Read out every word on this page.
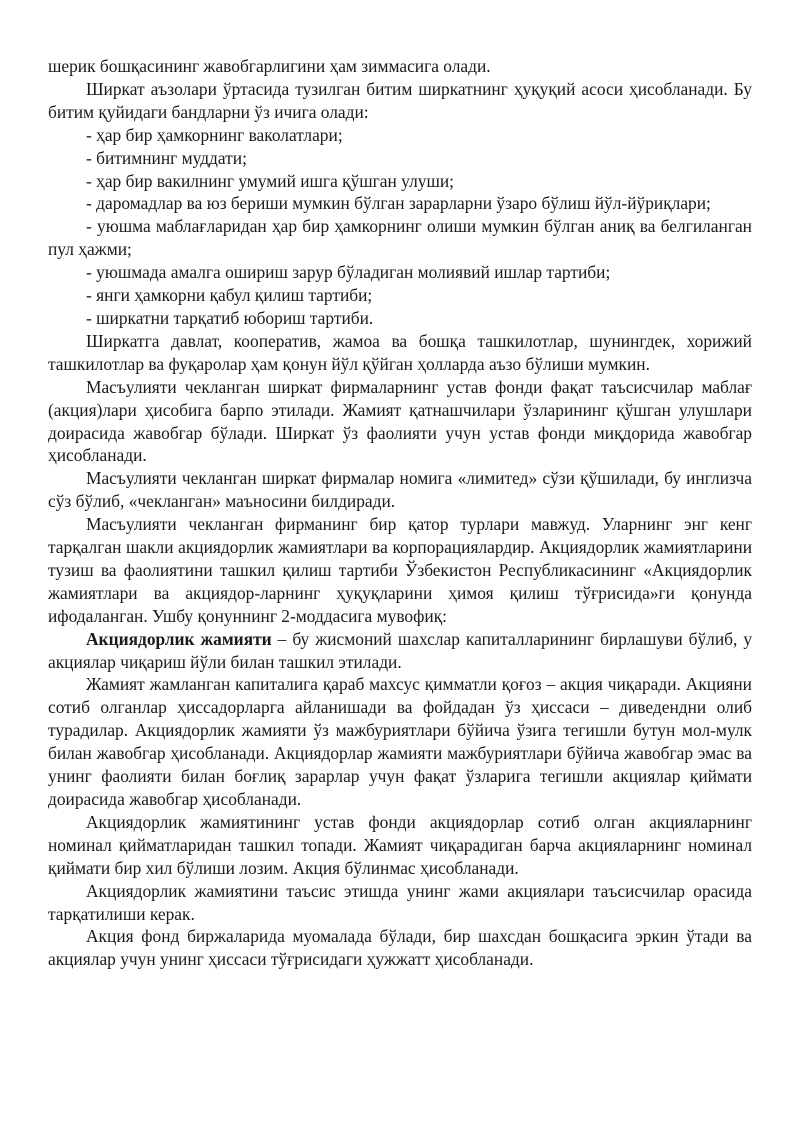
шерик бошқасининг жавобгарлигини ҳам зиммасига олади.

Ширкат аъзолари ўртасида тузилган битим ширкатнинг ҳуқуқий асоси ҳисобланади. Бу битим қуйидаги бандларни ўз ичига олади:

- ҳар бир ҳамкорнинг ваколатлари;

- битимнинг муддати;

- ҳар бир вакилнинг умумий ишга қўшган улуши;

- даромадлар ва юз бериши мумкин бўлган зарарларни ўзаро бўлиш йўл-йўриқлари;

- уюшма маблағларидан ҳар бир ҳамкорнинг олиши мумкин бўлган аниқ ва белгиланган пул ҳажми;

- уюшмада амалга ошириш зарур бўладиган молиявий ишлар тартиби;

- янги ҳамкорни қабул қилиш тартиби;

- ширкатни тарқатиб юбориш тартиби.

Ширкатга давлат, кооператив, жамоа ва бошқа ташкилотлар, шунингдек, хорижий ташкилотлар ва фуқаролар ҳам қонун йўл қўйган ҳолларда аъзо бўлиши мумкин.

Масъулияти чекланган ширкат фирмаларнинг устав фонди фақат таъсисчилар маблағ (акция)лари ҳисобига барпо этилади. Жамият қатнашчилари ўзларининг қўшган улушлари доирасида жавобгар бўлади. Ширкат ўз фаолияти учун устав фонди миқдорида жавобгар ҳисобланади.

Масъулияти чекланган ширкат фирмалар номига «лимитед» сўзи қўшилади, бу инглизча сўз бўлиб, «чекланган» маъносини билдиради.

Масъулияти чекланган фирманинг бир қатор турлари мавжуд. Уларнинг энг кенг тарқалган шакли акциядорлик жамиятлари ва корпорациялардир. Акциядорлик жамиятларини тузиш ва фаолиятини ташкил қилиш тартиби Ўзбекистон Республикасининг «Акциядорлик жамиятлари ва акциядор-ларнинг ҳуқуқларини ҳимоя қилиш тўғрисида»ги қонунда ифодаланган. Ушбу қонуннинг 2-моддасига мувофиқ:

Акциядорлик жамияти – бу жисмоний шахслар капиталларининг бирлашуви бўлиб, у акциялар чиқариш йўли билан ташкил этилади.

Жамият жамланган капиталига қараб махсус қимматли қоғоз – акция чиқаради. Акцияни сотиб олганлар ҳиссадорларга айланишади ва фойдадан ўз ҳиссаси – диведендни олиб турадилар. Акциядорлик жамияти ўз мажбуриятлари бўйича ўзига тегишли бутун мол-мулк билан жавобгар ҳисобланади. Акциядорлар жамияти мажбуриятлари бўйича жавобгар эмас ва унинг фаолияти билан боғлиқ зарарлар учун фақат ўзларига тегишли акциялар қиймати доирасида жавобгар ҳисобланади.

Акциядорлик жамиятининг устав фонди акциядорлар сотиб олган акцияларнинг номинал қийматларидан ташкил топади. Жамият чиқарадиган барча акцияларнинг номинал қиймати бир хил бўлиши лозим. Акция бўлинмас ҳисобланади.

Акциядорлик жамиятини таъсис этишда унинг жами акциялари таъсисчилар орасида тарқатилиши керак.

Акция фонд биржаларида муомалада бўлади, бир шахсдан бошқасига эркин ўтади ва акциялар учун унинг ҳиссаси тўғрисидаги ҳужжатт ҳисобланади.
